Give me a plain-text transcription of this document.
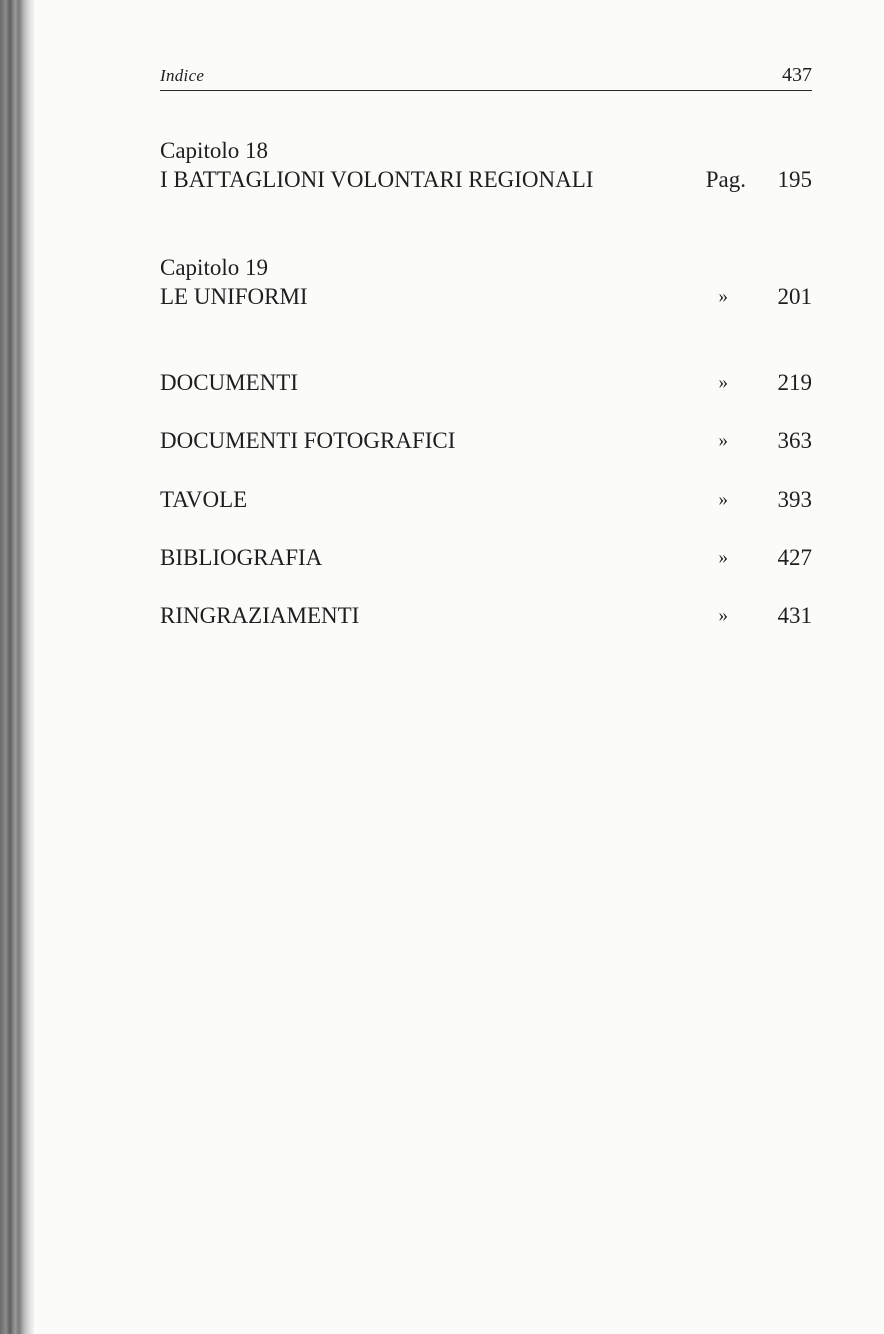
Indice	437
Capitolo 18
I BATTAGLIONI VOLONTARI REGIONALI	Pag. 195
Capitolo 19
LE UNIFORMI	» 201
DOCUMENTI	» 219
DOCUMENTI FOTOGRAFICI	» 363
TAVOLE	» 393
BIBLIOGRAFIA	» 427
RINGRAZIAMENTI	» 431
